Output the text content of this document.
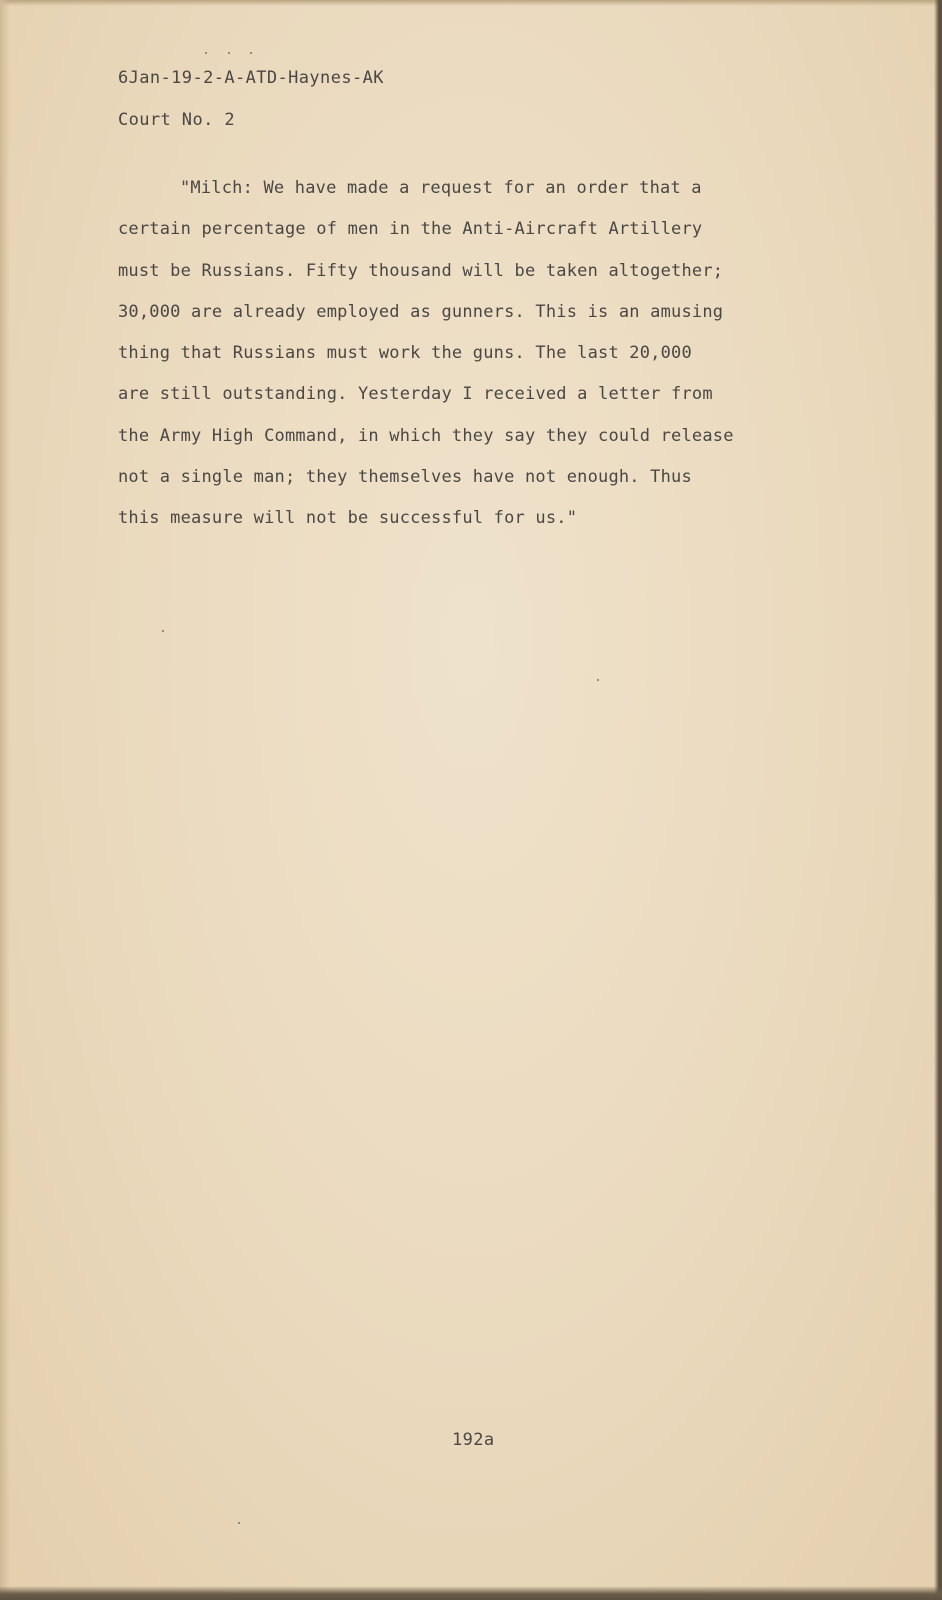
6Jan-19-2-A-ATD-Haynes-AK
Court No. 2
"Milch: We have made a request for an order that a
certain percentage of men in the Anti-Aircraft Artillery
must be Russians. Fifty thousand will be taken altogether;
30,000 are already employed as gunners. This is an amusing
thing that Russians must work the guns. The last 20,000
are still outstanding. Yesterday I received a letter from
the Army High Command, in which they say they could release
not a single man; they themselves have not enough. Thus
this measure will not be successful for us."
192a
